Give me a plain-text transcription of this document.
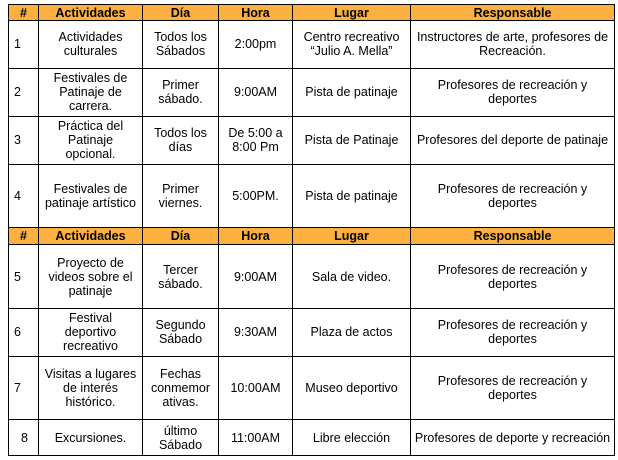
#	Actividades	Día	Hora	Lugar	Responsable
1	Actividades culturales	Todos los Sábados	2:00pm	Centro recreativo “Julio A. Mella”	Instructores de arte, profesores de Recreación.
2	Festivales de Patinaje de carrera.	Primer sábado.	9:00AM	Pista de patinaje	Profesores de recreación y deportes
3	Práctica del Patinaje opcional.	Todos los días	De 5:00 a 8:00 Pm	Pista de Patinaje	Profesores del deporte de patinaje
4	Festivales de patinaje artístico	Primer viernes.	5:00PM.	Pista de patinaje	Profesores de recreación y deportes
#	Actividades	Día	Hora	Lugar	Responsable
5	Proyecto de videos sobre el patinaje	Tercer sábado.	9:00AM	Sala de video.	Profesores de recreación y deportes
6	Festival deportivo recreativo	Segundo Sábado	9:30AM	Plaza de actos	Profesores de recreación y deportes
7	Visitas a lugares de interés histórico.	Fechas conmemor ativas.	10:00AM	Museo deportivo	Profesores de recreación y deportes
8	Excursiones.	último Sábado	11:00AM	Libre elección	Profesores de deporte y recreación
